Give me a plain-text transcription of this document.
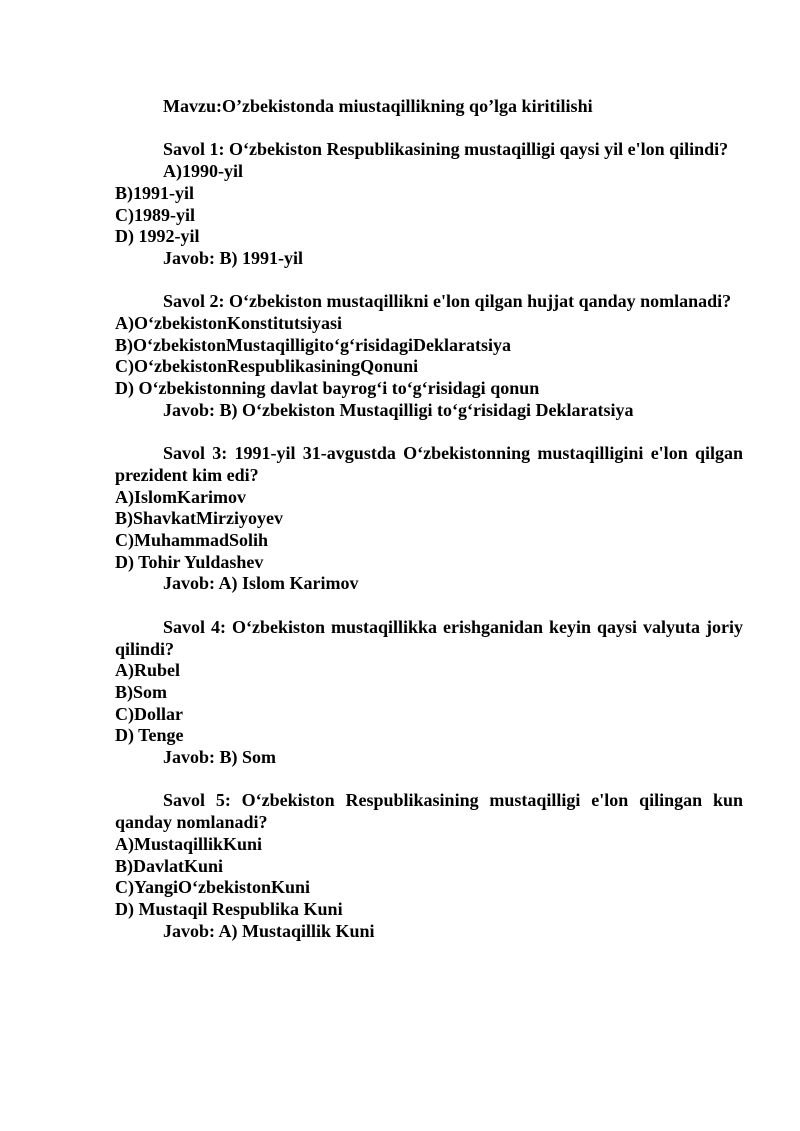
Mavzu:O’zbekistonda miustaqillikning qo’lga kiritilishi

Savol 1: O‘zbekiston Respublikasining mustaqilligi qaysi yil e'lon qilindi?

A)1990-yil

B)1991-yil

C)1989-yil

D) 1992-yil

Javob: B) 1991-yil

Savol 2: O‘zbekiston mustaqillikni e'lon qilgan hujjat qanday nomlanadi?

A)O‘zbekistonKonstitutsiyasi

B)O‘zbekistonMustaqilligito‘g‘risidagiDeklaratsiya

C)O‘zbekistonRespublikasiningQonuni

D) O‘zbekistonning davlat bayrog‘i to‘g‘risidagi qonun

Javob: B) O‘zbekiston Mustaqilligi to‘g‘risidagi Deklaratsiya

Savol 3: 1991-yil 31-avgustda O‘zbekistonning mustaqilligini e'lon qilgan prezident kim edi?

A)IslomKarimov

B)ShavkatMirziyoyev

C)MuhammadSolih

D) Tohir Yuldashev

Javob: A) Islom Karimov

Savol 4: O‘zbekiston mustaqillikka erishganidan keyin qaysi valyuta joriy qilindi?

A)Rubel

B)Som

C)Dollar

D) Tenge

Javob: B) Som

Savol 5: O‘zbekiston Respublikasining mustaqilligi e'lon qilingan kun qanday nomlanadi?

A)MustaqillikKuni

B)DavlatKuni

C)YangiO‘zbekistonKuni

D) Mustaqil Respublika Kuni

Javob: A) Mustaqillik Kuni
